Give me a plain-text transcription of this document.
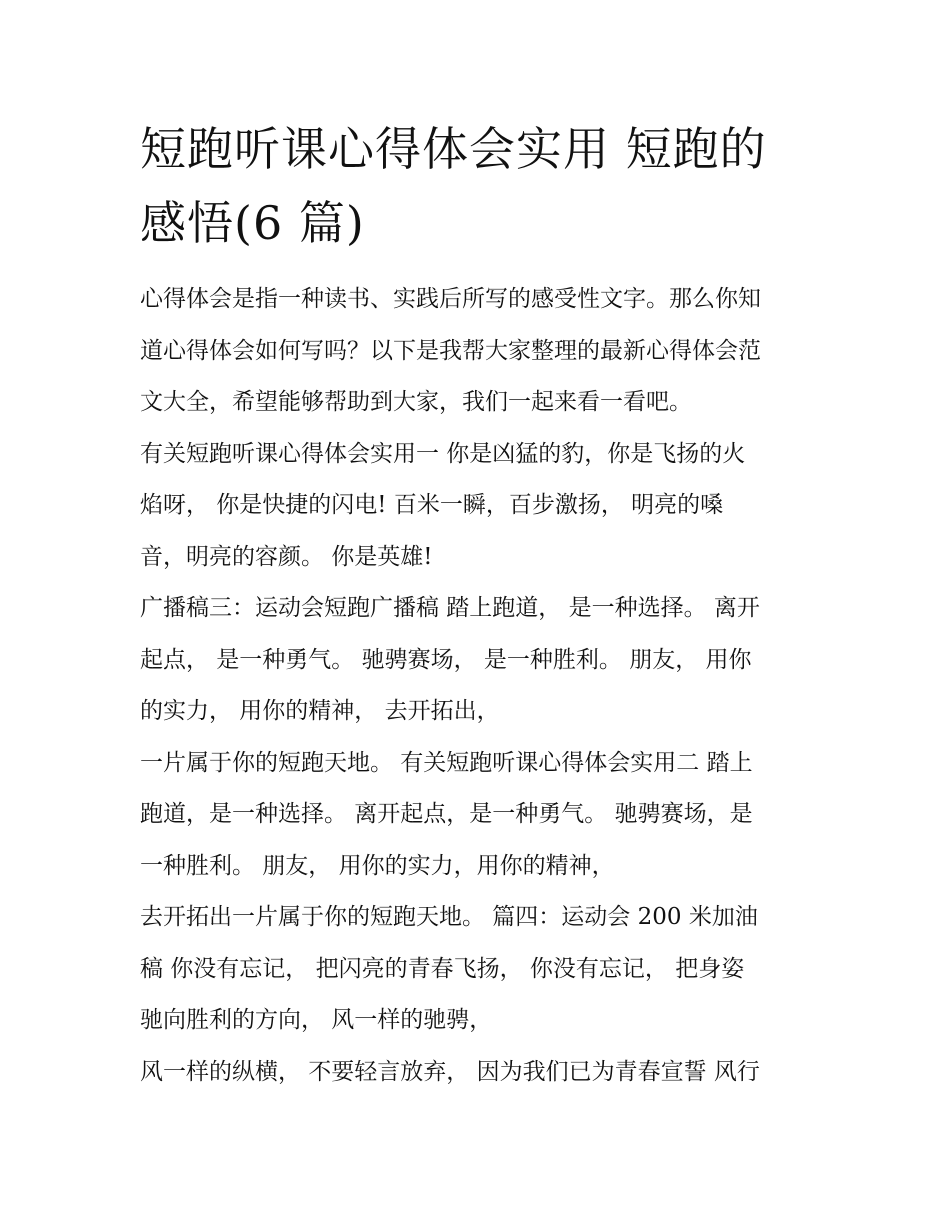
短跑听课心得体会实用 短跑的
感悟(6 篇)
心得体会是指一种读书、实践后所写的感受性文字。那么你知
道心得体会如何写吗？以下是我帮大家整理的最新心得体会范
文大全，希望能够帮助到大家，我们一起来看一看吧。
有关短跑听课心得体会实用一 你是凶猛的豹，你是飞扬的火
焰呀， 你是快捷的闪电! 百米一瞬，百步激扬， 明亮的嗓
音，明亮的容颜。 你是英雄!
广播稿三：运动会短跑广播稿 踏上跑道， 是一种选择。 离开
起点， 是一种勇气。 驰骋赛场， 是一种胜利。 朋友， 用你
的实力， 用你的精神， 去开拓出，
一片属于你的短跑天地。 有关短跑听课心得体会实用二 踏上
跑道，是一种选择。 离开起点，是一种勇气。 驰骋赛场，是
一种胜利。 朋友， 用你的实力，用你的精神，
去开拓出一片属于你的短跑天地。 篇四：运动会 200 米加油
稿 你没有忘记， 把闪亮的青春飞扬， 你没有忘记， 把身姿
驰向胜利的方向， 风一样的驰骋，
风一样的纵横， 不要轻言放弃， 因为我们已为青春宣誓 风行
